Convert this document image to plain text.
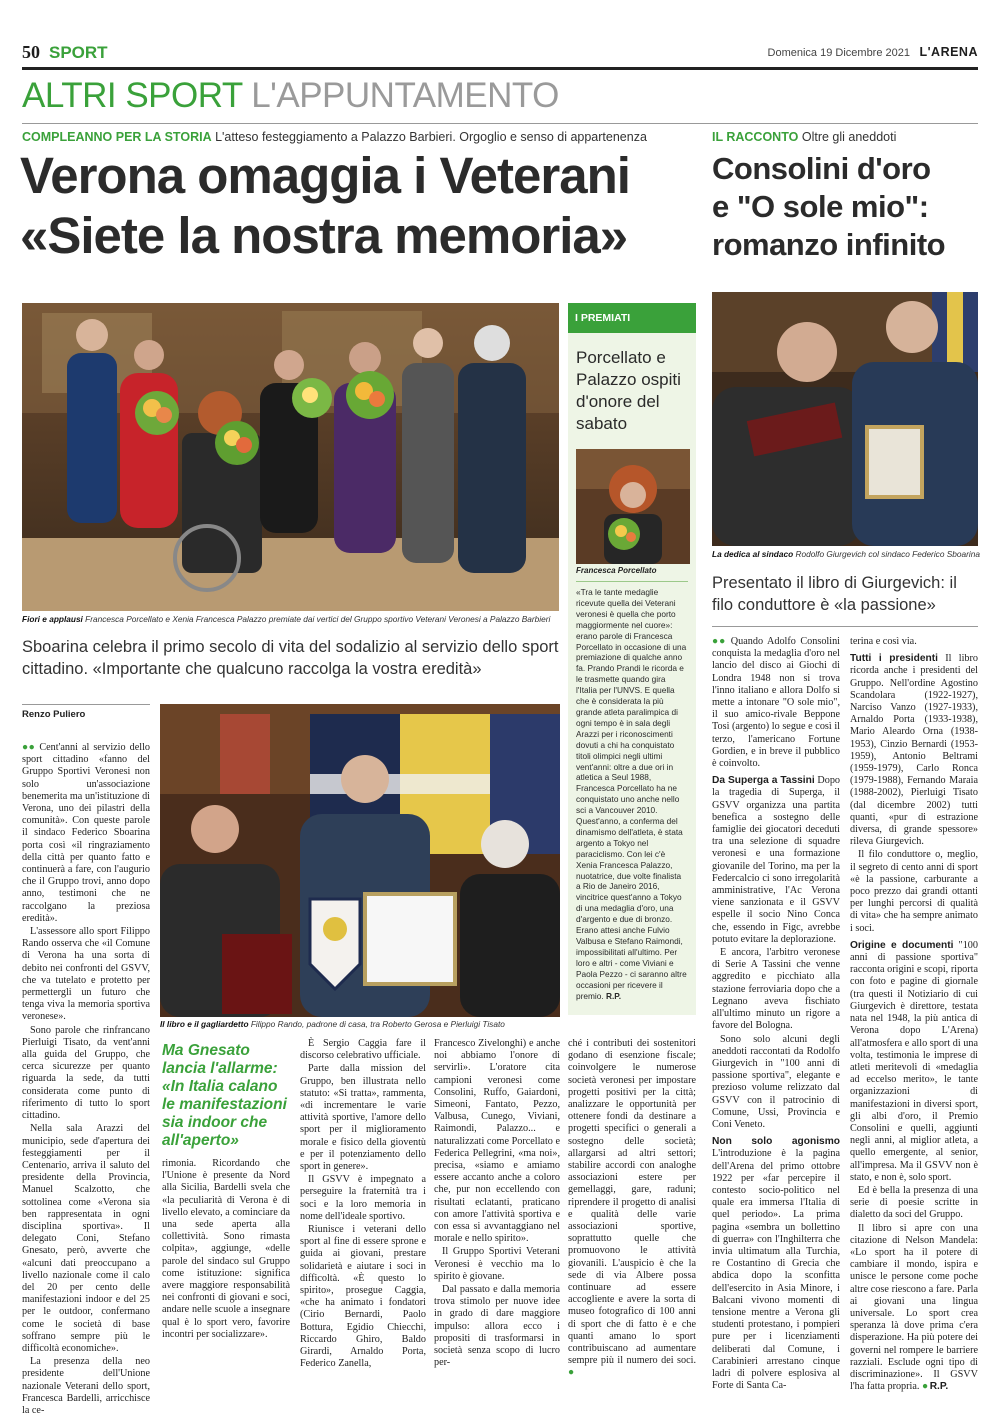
50 SPORT	Domenica 19 Dicembre 2021 L'ARENA
ALTRI SPORT L'APPUNTAMENTO
COMPLEANNO PER LA STORIA L'atteso festeggiamento a Palazzo Barbieri. Orgoglio e senso di appartenenza
Verona omaggia i Veterani
«Siete la nostra memoria»
IL RACCONTO Oltre gli aneddoti
Consolini d'oro
e "O sole mio":
romanzo infinito
Fiori e applausi Francesca Porcellato e Xenia Francesca Palazzo premiate dai vertici del Gruppo sportivo Veterani Veronesi a Palazzo Barbieri
Sboarina celebra il primo secolo di vita del sodalizio al servizio dello sport cittadino. «Importante che qualcuno raccolga la vostra eredità»
Renzo Puliero

●● Cent'anni al servizio dello sport cittadino «fanno del Gruppo Sportivi Veronesi non solo un'associazione benemerita ma un'istituzione di Verona, uno dei pilastri della comunità». Con queste parole il sindaco Federico Sboarina porta così «il ringraziamento della città per quanto fatto e continuerà a fare, con l'augurio che il Gruppo trovi, anno dopo anno, testimoni che ne raccolgano la preziosa eredità».

L'assessore allo sport Filippo Rando osserva che «il Comune di Verona ha una sorta di debito nei confronti del GSVV, che va tutelato e protetto per permettergli un futuro che tenga viva la memoria sportiva veronese».

Sono parole che rinfrancano Pierluigi Tisato, da vent'anni alla guida del Gruppo, che cerca sicurezze per quanto riguarda la sede, da tutti considerata come punto di riferimento di tutto lo sport cittadino.

Nella sala Arazzi del municipio, sede d'apertura dei festeggiamenti per il Centenario, arriva il saluto del presidente della Provincia, Manuel Scalzotto, che sottolinea come «Verona sia ben rappresentata in ogni disciplina sportiva». Il delegato Coni, Stefano Gnesato, però, avverte che «alcuni dati preoccupano a livello nazionale come il calo del 20 per cento delle manifestazioni indoor e del 25 per le outdoor, confermano come le società di base soffrano sempre più le difficoltà economiche».

La presenza della neo presidente dell'Unione nazionale Veterani dello sport, Francesca Bardelli, arricchisce la ce-

Il libro e il gagliardetto Filippo Rando, padrone di casa, tra Roberto Gerosa e Pierluigi Tisato
Ma Gnesato lancia l'allarme:
«In Italia calano le manifestazioni sia indoor che all'aperto»

rimonia. Ricordando che l'Unione è presente da Nord alla Sicilia, Bardelli svela che «la peculiarità di Verona è di livello elevato, a cominciare da una sede aperta alla collettività. Sono rimasta colpita», aggiunge, «delle parole del sindaco sul Gruppo come istituzione: significa avere maggiore responsabilità nei confronti di giovani e soci, andare nelle scuole a insegnare qual è lo sport vero, favorire incontri per socializzare».

È Sergio Caggia fare il discorso celebrativo ufficiale.

Parte dalla mission del Gruppo, ben illustrata nello statuto: «Si tratta», rammenta, «di incrementare le varie attività sportive, l'amore dello sport per il miglioramento morale e fisico della gioventù e per il potenziamento dello sport in genere».

Il GSVV è impegnato a perseguire la fraternità tra i soci e la loro memoria in nome dell'ideale sportivo.

Riunisce i veterani dello sport al fine di essere sprone e guida ai giovani, prestare solidarietà e aiutare i soci in difficoltà. «È questo lo spirito», prosegue Caggia, «che ha animato i fondatori (Cirio Bernardi, Paolo Bottura, Egidio Chiecchi, Riccardo Ghiro, Baldo Girardi, Arnaldo Porta, Federico Zanella,

Francesco Zivelonghi) e anche noi abbiamo l'onore di servirli». L'oratore cita campioni veronesi come Consolini, Ruffo, Gaiardoni, Simeoni, Fantato, Pezzo, Valbusa, Cunego, Viviani, Raimondi, Palazzo... e naturalizzati come Porcellato e Federica Pellegrini, «ma noi», precisa, «siamo e amiamo essere accanto anche a coloro che, pur non eccellendo con risultati eclatanti, praticano con amore l'attività sportiva e con essa si avvantaggiano nel morale e nello spirito».

Il Gruppo Sportivi Veterani Veronesi è vecchio ma lo spirito è giovane.

Dal passato e dalla memoria trova stimolo per nuove idee in grado di dare maggiore impulso: allora ecco i propositi di trasformarsi in società senza scopo di lucro per-

ché i contributi dei sostenitori godano di esenzione fiscale; coinvolgere le numerose società veronesi per impostare progetti positivi per la città; analizzare le opportunità per ottenere fondi da destinare a progetti specifici o generali a sostegno delle società; allargarsi ad altri settori; stabilire accordi con analoghe associazioni estere per gemellaggi, gare, raduni; riprendere il progetto di analisi e qualità delle varie associazioni sportive, soprattutto quelle che promuovono le attività giovanili. L'auspicio è che la sede di via Albere possa continuare ad essere accogliente e avere la sorta di museo fotografico di 100 anni di sport che di fatto è e che quanti amano lo sport contribuiscano ad aumentare sempre più il numero dei soci. ●

I PREMIATI
Porcellato e Palazzo ospiti d'onore del sabato
Francesca Porcellato
«Tra le tante medaglie ricevute quella dei Veterani veronesi è quella che porto maggiormente nel cuore»: erano parole di Francesca Porcellato in occasione di una premiazione di qualche anno fa. Prando Prandi le ricorda e le trasmette quando gira l'Italia per l'UNVS. E quella che è considerata la più grande atleta paralimpica di ogni tempo è in sala degli Arazzi per i riconoscimenti dovuti a chi ha conquistato titoli olimpici negli ultimi vent'anni: oltre a due ori in atletica a Seul 1988, Francesca Porcellato ha ne conquistato uno anche nello sci a Vancouver 2010. Quest'anno, a conferma del dinamismo dell'atleta, è stata argento a Tokyo nel paraciclismo. Con lei c'è Xenia Francesca Palazzo, nuotatrice, due volte finalista a Rio de Janeiro 2016, vincitrice quest'anno a Tokyo di una medaglia d'oro, una d'argento e due di bronzo. Erano attesi anche Fulvio Valbusa e Stefano Raimondi, impossibilitati all'ultimo. Per loro e altri - come Viviani e Paola Pezzo - ci saranno altre occasioni per ricevere il premio. R.P.
La dedica al sindaco Rodolfo Giurgevich col sindaco Federico Sboarina
Presentato il libro di Giurgevich: il filo conduttore è «la passione»

●● Quando Adolfo Consolini conquista la medaglia d'oro nel lancio del disco ai Giochi di Londra 1948 non si trova l'inno italiano e allora Dolfo si mette a intonare "O sole mio", il suo amico-rivale Beppone Tosi (argento) lo segue e così il terzo, l'americano Fortune Gordien, e in breve il pubblico è coinvolto.

Da Superga a Tassini Dopo la tragedia di Superga, il GSVV organizza una partita benefica a sostegno delle famiglie dei giocatori deceduti tra una selezione di squadre veronesi e una formazione giovanile del Torino, ma per la Federcalcio ci sono irregolarità amministrative, l'Ac Verona viene sanzionata e il GSVV espelle il socio Nino Conca che, essendo in Figc, avrebbe potuto evitare la deplorazione.

E ancora, l'arbitro veronese di Serie A Tassini che venne aggredito e picchiato alla stazione ferroviaria dopo che a Legnano aveva fischiato all'ultimo minuto un rigore a favore del Bologna.

Sono solo alcuni degli aneddoti raccontati da Rodolfo Giurgevich in "100 anni di passione sportiva", elegante e prezioso volume relizzato dal GSVV con il patrocinio di Comune, Ussi, Provincia e Coni Veneto.

Non solo agonismo L'introduzione è la pagina dell'Arena del primo ottobre 1922 per «far percepire il contesto socio-politico nel quale era immersa l'Italia di quel periodo». La prima pagina «sembra un bollettino di guerra» con l'Inghilterra che invia ultimatum alla Turchia, re Costantino di Grecia che abdica dopo la sconfitta dell'esercito in Asia Minore, i Balcani vivono momenti di tensione mentre a Verona gli studenti protestano, i pompieri pure per i licenziamenti deliberati dal Comune, i Carabinieri arrestano cinque ladri di polvere esplosiva al Forte di Santa Ca-

terina e così via.

Tutti i presidenti Il libro ricorda anche i presidenti del Gruppo. Nell'ordine Agostino Scandolara (1922-1927), Narciso Vanzo (1927-1933), Arnaldo Porta (1933-1938), Mario Aleardo Orna (1938-1953), Cinzio Bernardi (1953-1959), Antonio Beltrami (1959-1979), Carlo Ronca (1979-1988), Fernando Maraia (1988-2002), Pierluigi Tisato (dal dicembre 2002) tutti quanti, «pur di estrazione diversa, di grande spessore» rileva Giurgevich.

Il filo conduttore o, meglio, il segreto di cento anni di sport «è la passione, carburante a poco prezzo dai grandi ottanti per lunghi percorsi di qualità di vita» che ha sempre animato i soci.

Origine e documenti "100 anni di passione sportiva" racconta origini e scopi, riporta con foto e pagine di giornale (tra questi il Notiziario di cui Giurgevich è direttore, testata nata nel 1948, la più antica di Verona dopo L'Arena) all'atmosfera e allo sport di una volta, testimonia le imprese di atleti meritevoli di «medaglia ad eccelso merito», le tante organizzazioni di manifestazioni in diversi sport, gli albi d'oro, il Premio Consolini e quelli, aggiunti negli anni, al miglior atleta, a quello emergente, al senior, all'impresa. Ma il GSVV non è stato, e non è, solo sport.

Ed è bella la presenza di una serie di poesie scritte in dialetto da soci del Gruppo.

Il libro si apre con una citazione di Nelson Mandela: «Lo sport ha il potere di cambiare il mondo, ispira e unisce le persone come poche altre cose riescono a fare. Parla ai giovani una lingua universale. Lo sport crea speranza là dove prima c'era disperazione. Ha più potere dei governi nel rompere le barriere razziali. Esclude ogni tipo di discriminazione». Il GSVV l'ha fatta propria. ● R.P.
